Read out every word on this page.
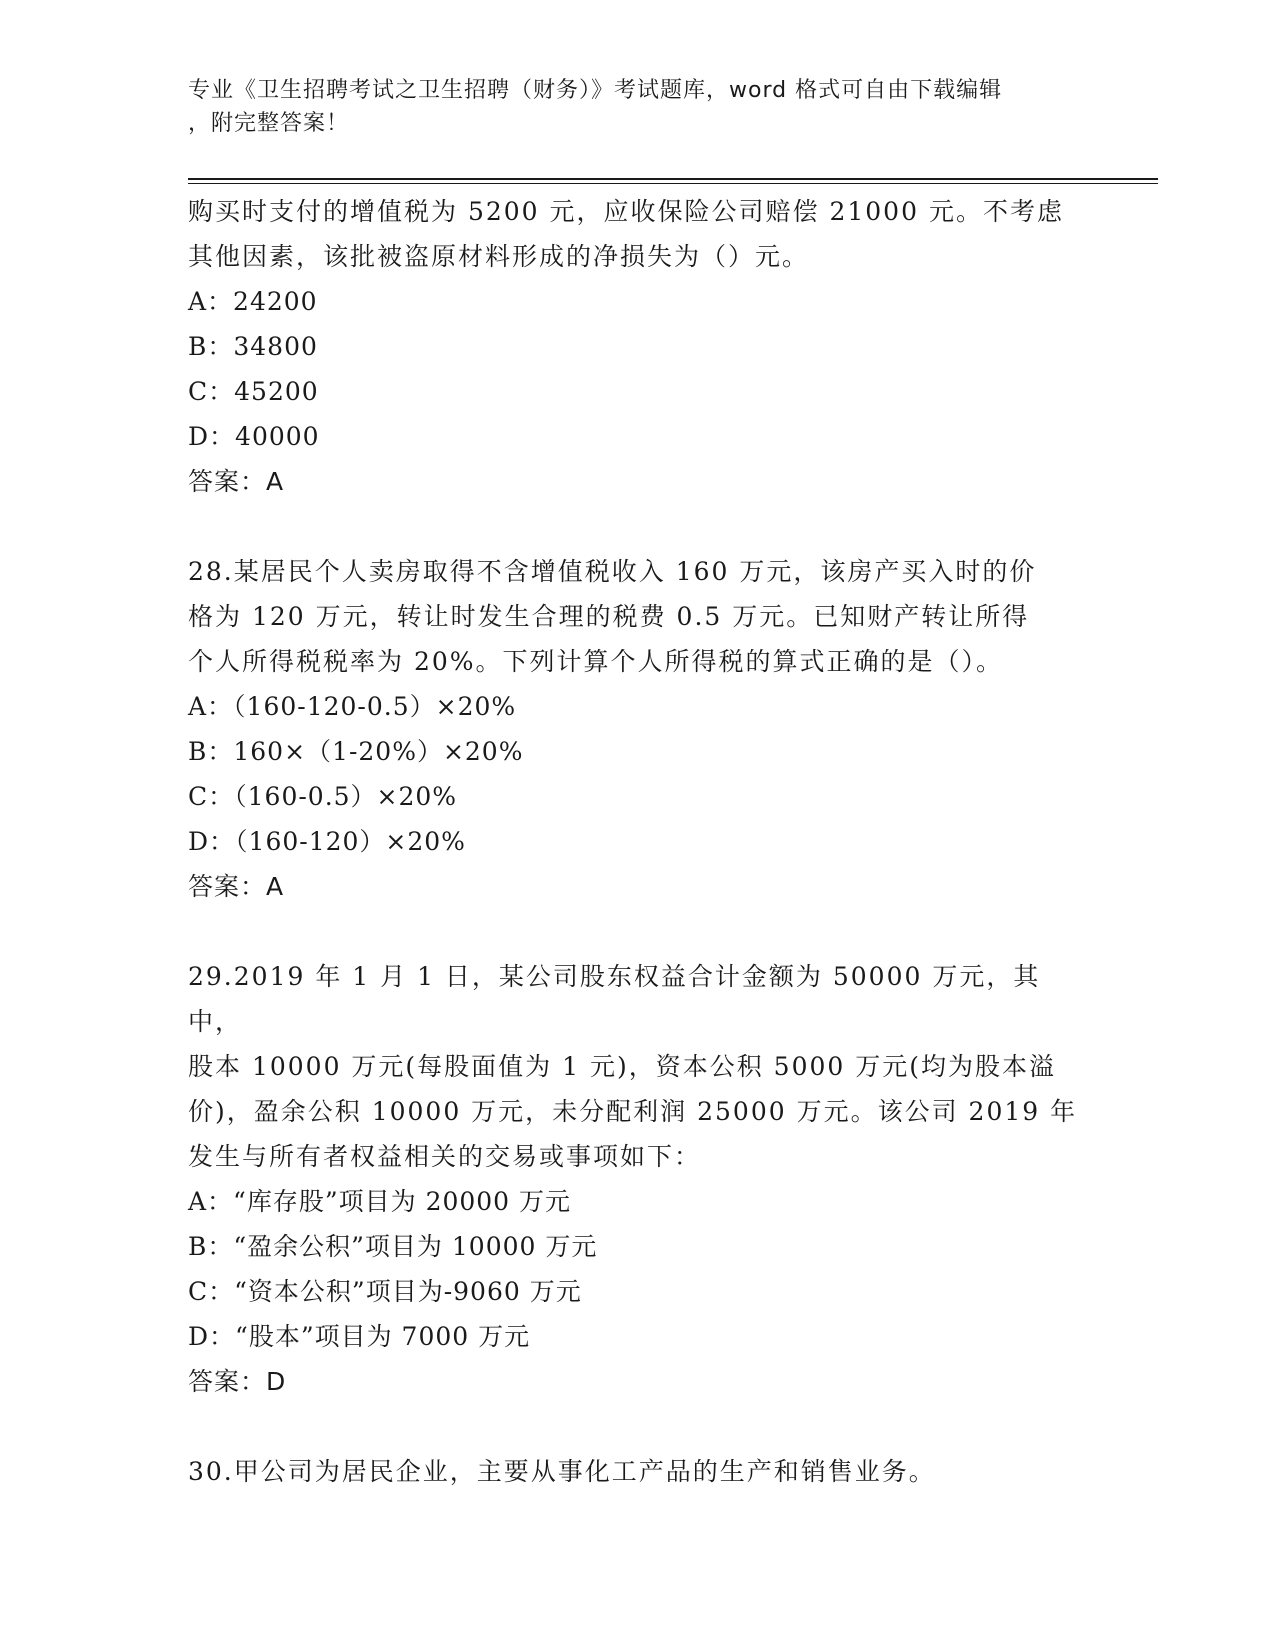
专业《卫生招聘考试之卫生招聘（财务）》考试题库，word 格式可自由下载编辑
，附完整答案！
购买时支付的增值税为 5200 元，应收保险公司赔偿 21000 元。不考虑
其他因素，该批被盗原材料形成的净损失为（）元。
A：24200
B：34800
C：45200
D：40000
答案：A
28.某居民个人卖房取得不含增值税收入 160 万元，该房产买入时的价
格为 120 万元，转让时发生合理的税费 0.5 万元。已知财产转让所得
个人所得税税率为 20%。下列计算个人所得税的算式正确的是（）。
A：（160-120-0.5）×20%
B：160×（1-20%）×20%
C：（160-0.5）×20%
D：（160-120）×20%
答案：A
29.2019 年 1 月 1 日，某公司股东权益合计金额为 50000 万元，其中，
股本 10000 万元(每股面值为 1 元)，资本公积 5000 万元(均为股本溢
价)，盈余公积 10000 万元，未分配利润 25000 万元。该公司 2019 年
发生与所有者权益相关的交易或事项如下：
A：“库存股”项目为 20000 万元
B：“盈余公积”项目为 10000 万元
C：“资本公积”项目为-9060 万元
D：“股本”项目为 7000 万元
答案：D
30.甲公司为居民企业，主要从事化工产品的生产和销售业务。
